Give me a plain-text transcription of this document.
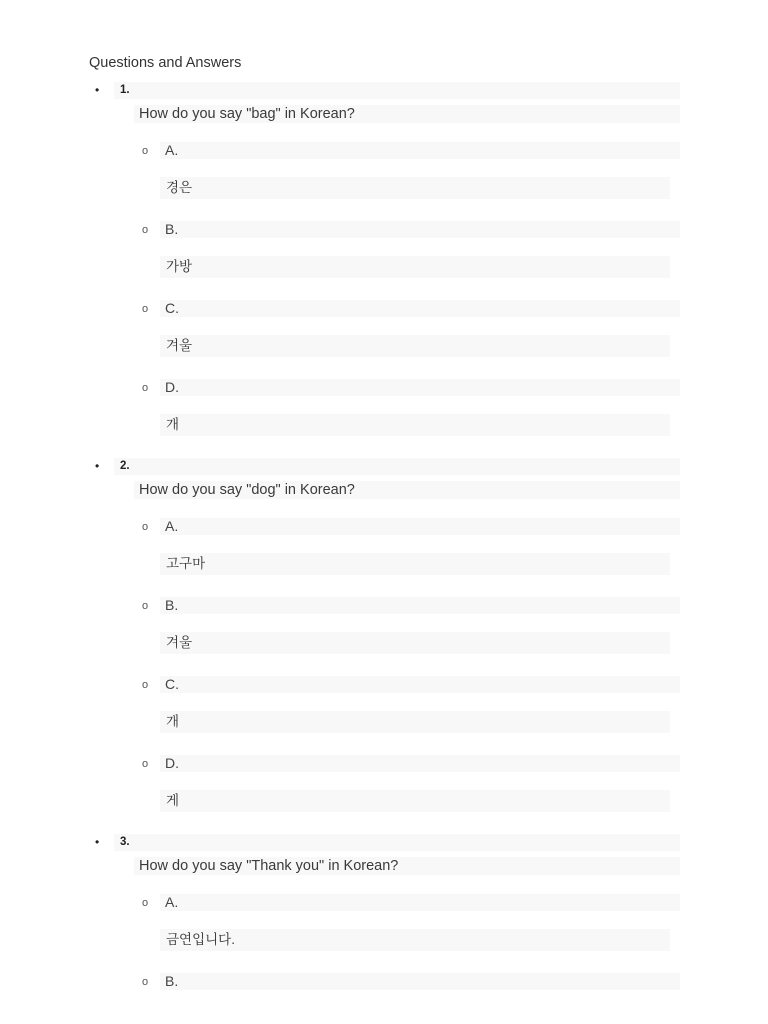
Questions and Answers
• 1.
How do you say "bag" in Korean?
o A.
경은
o B.
가방
o C.
겨울
o D.
개
• 2.
How do you say "dog" in Korean?
o A.
고구마
o B.
겨울
o C.
개
o D.
게
• 3.
How do you say "Thank you" in Korean?
o A.
금연입니다.
o B.
